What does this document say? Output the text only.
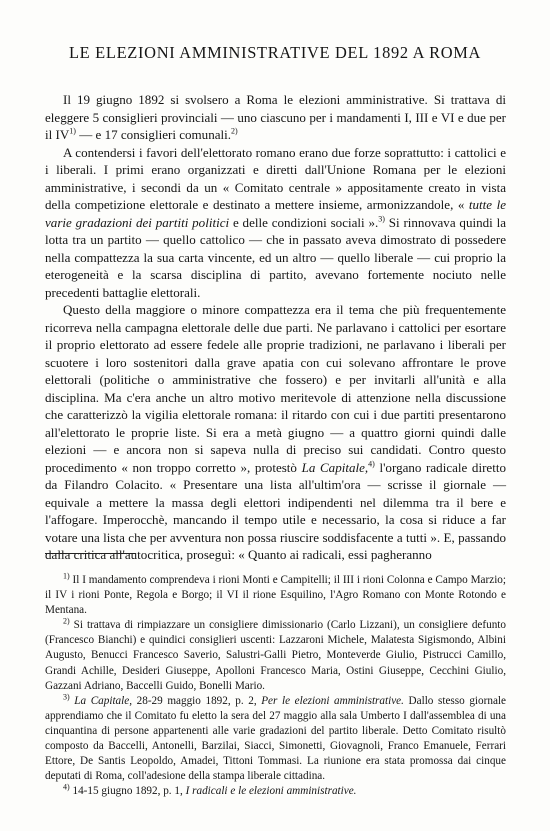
LE ELEZIONI AMMINISTRATIVE DEL 1892 A ROMA

Il 19 giugno 1892 si svolsero a Roma le elezioni amministrative. Si trattava di eleggere 5 consiglieri provinciali — uno ciascuno per i mandamenti I, III e VI e due per il IV$^{1)}$ — e 17 consiglieri comunali.$^{2)}$

A contendersi i favori dell'elettorato romano erano due forze soprattutto: i cattolici e i liberali. I primi erano organizzati e diretti dall'Unione Romana per le elezioni amministrative, i secondi da un « Comitato centrale » appositamente creato in vista della competizione elettorale e destinato a mettere insieme, armonizzandole, « tutte le varie gradazioni dei partiti politici e delle condizioni sociali ».$^{3)}$ Si rinnovava quindi la lotta tra un partito — quello cattolico — che in passato aveva dimostrato di possedere nella compattezza la sua carta vincente, ed un altro — quello liberale — cui proprio la eterogeneità e la scarsa disciplina di partito, avevano fortemente nociuto nelle precedenti battaglie elettorali.

Questo della maggiore o minore compattezza era il tema che più frequentemente ricorreva nella campagna elettorale delle due parti. Ne parlavano i cattolici per esortare il proprio elettorato ad essere fedele alle proprie tradizioni, ne parlavano i liberali per scuotere i loro sostenitori dalla grave apatia con cui solevano affrontare le prove elettorali (politiche o amministrative che fossero) e per invitarli all'unità e alla disciplina. Ma c'era anche un altro motivo meritevole di attenzione nella discussione che caratterizzò la vigilia elettorale romana: il ritardo con cui i due partiti presentarono all'elettorato le proprie liste. Si era a metà giugno — a quattro giorni quindi dalle elezioni — e ancora non si sapeva nulla di preciso sui candidati. Contro questo procedimento « non troppo corretto », protestò La Capitale,$^{4)}$ l'organo radicale diretto da Filandro Colacito. « Presentare una lista all'ultim'ora — scrisse il giornale — equivale a mettere la massa degli elettori indipendenti nel dilemma tra il bere e l'affogare. Imperocchè, mancando il tempo utile e necessario, la cosa si riduce a far votare una lista che per avventura non possa riuscire soddisfacente a tutti ». E, passando dalla critica all'autocritica, proseguì: « Quanto ai radicali, essi pagheranno

$^{1)}$ Il I mandamento comprendeva i rioni Monti e Campitelli; il III i rioni Colonna e Campo Marzio; il IV i rioni Ponte, Regola e Borgo; il VI il rione Esquilino, l'Agro Romano con Monte Rotondo e Mentana.

$^{2)}$ Si trattava di rimpiazzare un consigliere dimissionario (Carlo Lizzani), un consigliere defunto (Francesco Bianchi) e quindici consiglieri uscenti: Lazzaroni Michele, Malatesta Sigismondo, Albini Augusto, Benucci Francesco Saverio, Salustri-Galli Pietro, Monteverde Giulio, Pistrucci Camillo, Grandi Achille, Desideri Giuseppe, Apolloni Francesco Maria, Ostini Giuseppe, Cecchini Giulio, Gazzani Adriano, Baccelli Guido, Bonelli Mario.

$^{3)}$ La Capitale, 28-29 maggio 1892, p. 2, Per le elezioni amministrative. Dallo stesso giornale apprendiamo che il Comitato fu eletto la sera del 27 maggio alla sala Umberto I dall'assemblea di una cinquantina di persone appartenenti alle varie gradazioni del partito liberale. Detto Comitato risultò composto da Baccelli, Antonelli, Barzilai, Siacci, Simonetti, Giovagnoli, Franco Emanuele, Ferrari Ettore, De Santis Leopoldo, Amadei, Tittoni Tommasi. La riunione era stata promossa dai cinque deputati di Roma, coll'adesione della stampa liberale cittadina.

$^{4)}$ 14-15 giugno 1892, p. 1, I radicali e le elezioni amministrative.
